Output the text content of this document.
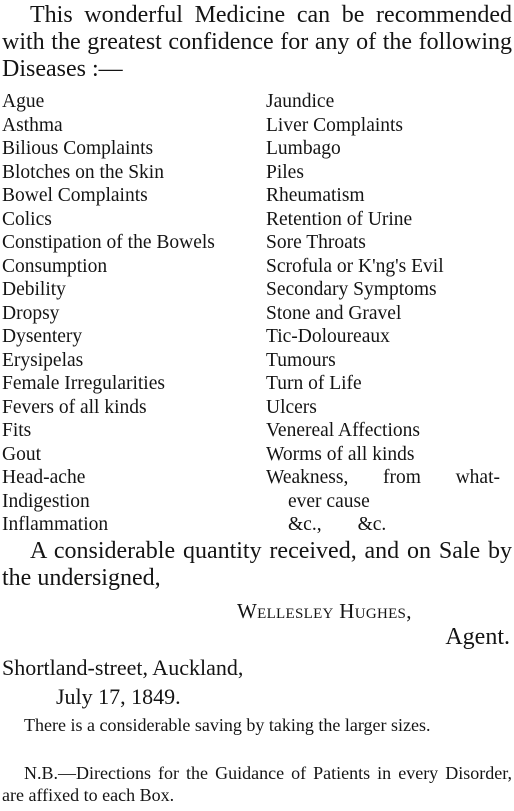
This wonderful Medicine can be recommended with the greatest confidence for any of the following Diseases :—

Ague
Asthma
Bilious Complaints
Blotches on the Skin
Bowel Complaints
Colics
Constipation of the Bowels
Consumption
Debility
Dropsy
Dysentery
Erysipelas
Female Irregularities
Fevers of all kinds
Fits
Gout
Head-ache
Indigestion
Inflammation
Jaundice
Liver Complaints
Lumbago
Piles
Rheumatism
Retention of Urine
Sore Throats
Scrofula or K'ng's Evil
Secondary Symptoms
Stone and Gravel
Tic-Doloureaux
Tumours
Turn of Life
Ulcers
Venereal Affections
Worms of all kinds
Weakness, from what-
ever cause
&c., &c.

A considerable quantity received, and on Sale by the undersigned,

Wellesley Hughes,

Agent.

Shortland-street, Auckland,

July 17, 1849.

There is a considerable saving by taking the larger sizes.

N.B.—Directions for the Guidance of Patients in every Disorder, are affixed to each Box.
